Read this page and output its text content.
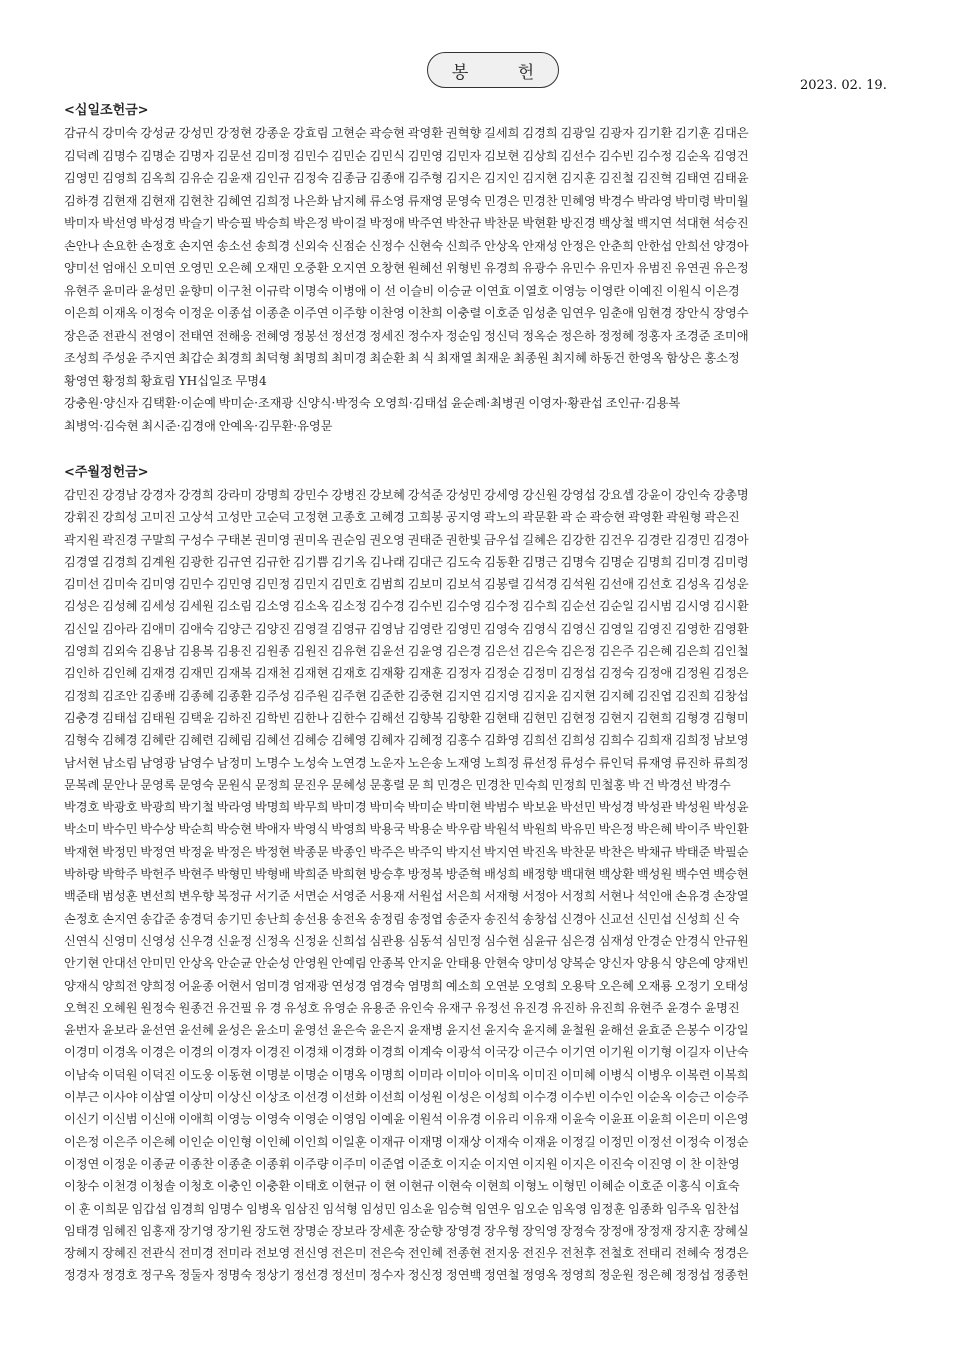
봉 헌
2023. 02. 19.
<십일조헌금>
감규식 강미숙 강성균 강성민 강정현 강종운 강효림 고현순 곽승현 곽영환 권혁향 길세희 김경희 김광일 김광자 김기환 김기훈 김대은
김덕례 김명수 김명순 김명자 김문선 김미정 김민수 김민순 김민식 김민영 김민자 김보현 김상희 김선수 김수빈 김수정 김순옥 김영건
김영민 김영희 김옥희 김유순 김윤재 김인규 김정숙 김종금 김종애 김주형 김지은 김지인 김지현 김지훈 김진철 김진혁 김태연 김태윤
김하경 김현재 김현재 김현찬 김혜연 김희정 나은화 남지혜 류소영 류재영 문영숙 민경은 민경찬 민혜영 박경수 박라영 박미령 박미월
박미자 박선영 박성경 박슬기 박승필 박승희 박은정 박이걸 박정애 박주연 박찬규 박찬문 박현환 방진경 백상철 백지연 석대현 석승진
손안나 손요한 손정호 손지연 송소선 송희경 신외숙 신점순 신정수 신현숙 신희주 안상옥 안재성 안정은 안춘희 안한섭 안희선 양경아
양미선 엄애신 오미연 오영민 오은혜 오재민 오중환 오지연 오창현 원혜선 위형빈 유경희 유광수 유민수 유민자 유범진 유연권 유은정
유현주 윤미라 윤성민 윤향미 이구천 이규락 이명숙 이병애 이 선 이슬비 이승균 이연효 이열호 이영능 이영란 이예진 이원식 이은경
이은희 이재옥 이정숙 이정운 이종섭 이종춘 이주연 이주향 이찬영 이찬희 이충렬 이호준 임성춘 임연우 임춘애 임현경 장안식 장영수
장은준 전관식 전영이 전태연 전해응 전혜영 정봉선 정선경 정세진 정수자 정순임 정신덕 정옥순 정은하 정정혜 정홍자 조경준 조미애
조성희 주성윤 주지연 최갑순 최경희 최덕형 최명희 최미경 최순환 최 식 최재열 최재운 최종원 최지혜 하동건 한영옥 함상은 홍소정
황영연 황정희 황효림 YH십일조 무명4
강충원·양신자 김택환·이순예 박미순·조재광 신양식·박정숙 오영희·김태섭 윤순례·최병권 이영자·황관섭 조인규·김용복
최병억·김숙현 최시준·김경애 안예옥·김무환·유영문
<주월정헌금>
감민진 강경남 강경자 강경희 강라미 강명희 강민수 강병진 강보혜 강석준 강성민 강세영 강신원 강영섭 강요셉 강윤이 강인숙 강총명
강휘진 강희성 고미진 고상석 고성만 고순덕 고정현 고종호 고혜경 고희봉 공지영 곽노의 곽문환 곽 순 곽승현 곽영환 곽원형 곽은진
곽지원 곽진경 구말희 구성수 구태본 권미영 권미옥 권순임 권오영 권태준 권한빛 금우섭 길혜은 김강한 김건우 김경란 김경민 김경아
김경열 김경희 김계원 김광한 김규연 김규한 김기쁨 김기옥 김나래 김대근 김도숙 김동환 김명근 김명숙 김명순 김명희 김미경 김미령
김미선 김미숙 김미영 김민수 김민영 김민정 김민지 김민호 김범희 김보미 김보석 김봉렬 김석경 김석원 김선애 김선호 김성옥 김성운
김성은 김성혜 김세성 김세원 김소림 김소영 김소옥 김소정 김수경 김수빈 김수영 김수정 김수희 김순선 김순일 김시범 김시영 김시환
김신일 김아라 김애미 김애숙 김양근 김양진 김영걸 김영규 김영남 김영란 김영민 김영숙 김영식 김영신 김영일 김영진 김영한 김영환
김영희 김외숙 김용남 김용복 김용진 김원종 김원진 김유현 김윤선 김윤영 김은경 김은선 김은숙 김은정 김은주 김은혜 김은희 김인철
김인하 김인혜 김재경 김재민 김재복 김재천 김재현 김재호 김재황 김재훈 김정자 김정순 김정미 김정섭 김정숙 김정애 김정원 김정은
김정희 김조안 김종배 김종혜 김종환 김주성 김주원 김주현 김준한 김중현 김지연 김지영 김지윤 김지현 김지혜 김진엽 김진희 김창섭
김충경 김태섭 김태원 김택윤 김하진 김학빈 김한나 김한수 김해선 김향복 김향환 김현태 김현민 김현정 김현지 김현희 김형경 김형미
김형숙 김혜경 김혜란 김혜련 김혜림 김혜선 김혜승 김혜영 김혜자 김혜정 김홍수 김화영 김희선 김희성 김희수 김희재 김희정 남보영
남서현 남소림 남영광 남영수 남정미 노명수 노성숙 노연경 노운자 노은송 노재영 노희정 류선정 류성수 류인덕 류재영 류진하 류희정
문복례 문안나 문영록 문영숙 문원식 문정희 문진우 문혜성 문홍렬 문 희 민경은 민경찬 민숙희 민정희 민철홍 박 건 박경선 박경수
박경호 박광호 박광희 박기철 박라영 박명희 박무희 박미경 박미숙 박미순 박미현 박범수 박보윤 박선민 박성경 박성관 박성원 박성윤
박소미 박수민 박수상 박순희 박승현 박애자 박영식 박영희 박용국 박용순 박우람 박원석 박원희 박유민 박은정 박은혜 박이주 박인환
박재현 박정민 박정연 박정윤 박정은 박정현 박종문 박종인 박주은 박주익 박지선 박지연 박진옥 박찬문 박찬은 박채규 박태준 박필순
박하랑 박학주 박헌주 박현주 박형민 박형배 박희준 박희현 방승후 방정복 방준혁 배성희 배정향 백대현 백상환 백성원 백수연 백승현
백준태 범성훈 변선희 변우향 복정규 서기준 서면순 서영준 서용재 서원섭 서은희 서재형 서정아 서정희 서현나 석인애 손유경 손장열
손정호 손지연 송갑준 송경덕 송기민 송난희 송선용 송전옥 송정림 송정엽 송준자 송진석 송창섭 신경아 신교선 신민섭 신성희 신 숙
신연식 신영미 신영성 신우경 신윤정 신정옥 신정윤 신희섭 심관용 심동석 심민정 심수현 심윤규 심은경 심재성 안경순 안경식 안규원
안기현 안대선 안미민 안상옥 안순균 안순성 안영원 안예림 안종복 안지윤 안태용 안현숙 양미성 양복순 양신자 양용식 양은예 양재빈
양재식 양희전 양희정 어윤종 어현서 엄미경 엄재광 연성경 염경숙 염명희 예소희 오연분 오영희 오용탁 오은혜 오재룡 오정기 오태성
오혁진 오혜원 원정숙 원종건 유건필 유 경 유성호 유영순 유용준 유인숙 유재구 유정선 유진경 유진하 유진희 유현주 윤경수 윤명진
윤번자 윤보라 윤선연 윤선혜 윤성은 윤소미 윤영선 윤은숙 윤은지 윤재병 윤지선 윤지숙 윤지혜 윤철원 윤해선 윤효준 은봉수 이강일
이경미 이경옥 이경은 이경의 이경자 이경진 이경채 이경화 이경희 이계숙 이광석 이국강 이근수 이기연 이기원 이기형 이길자 이난숙
이남숙 이덕원 이덕진 이도웅 이동현 이명분 이명순 이명옥 이명희 이미라 이미아 이미옥 이미진 이미혜 이병식 이병우 이복련 이복희
이부근 이사야 이삼열 이상미 이상신 이상조 이선경 이선화 이선희 이성원 이성은 이성희 이수경 이수빈 이수인 이순옥 이승근 이승주
이신기 이신범 이신애 이애희 이영능 이영숙 이영순 이영임 이예윤 이원석 이유경 이유리 이유재 이윤숙 이윤표 이윤희 이은미 이은영
이은정 이은주 이은혜 이인순 이인형 이인혜 이인희 이일훈 이재규 이재명 이재상 이재숙 이재윤 이정길 이정민 이정선 이정숙 이정순
이정연 이정운 이종균 이종찬 이종춘 이종휘 이주량 이주미 이준엽 이준호 이지순 이지연 이지원 이지은 이진숙 이진영 이 찬 이찬영
이창수 이천경 이청솔 이청호 이충인 이충환 이태호 이현규 이 현 이현규 이현숙 이현희 이형노 이형민 이혜순 이호준 이홍식 이효숙
이 훈 이희문 임갑섭 임경희 임명수 임병옥 임삼진 임석형 임성민 임소윤 임승혁 임연우 임오순 임옥영 임정훈 임종화 임주옥 임찬섭
임태경 임혜진 임홍재 장기영 장기원 장도현 장명순 장보라 장세훈 장순향 장영경 장우형 장익영 장정숙 장정애 장정재 장지훈 장혜실
장혜지 장혜진 전관식 전미경 전미라 전보영 전신영 전은미 전은숙 전인혜 전종현 전지웅 전진우 전천후 전철호 전태리 전혜숙 정경은
정경자 정경호 정구옥 정둘자 정명숙 정상기 정선경 정선미 정수자 정신정 정연백 정연철 정영옥 정영희 정운원 정은혜 정정섭 정종헌
